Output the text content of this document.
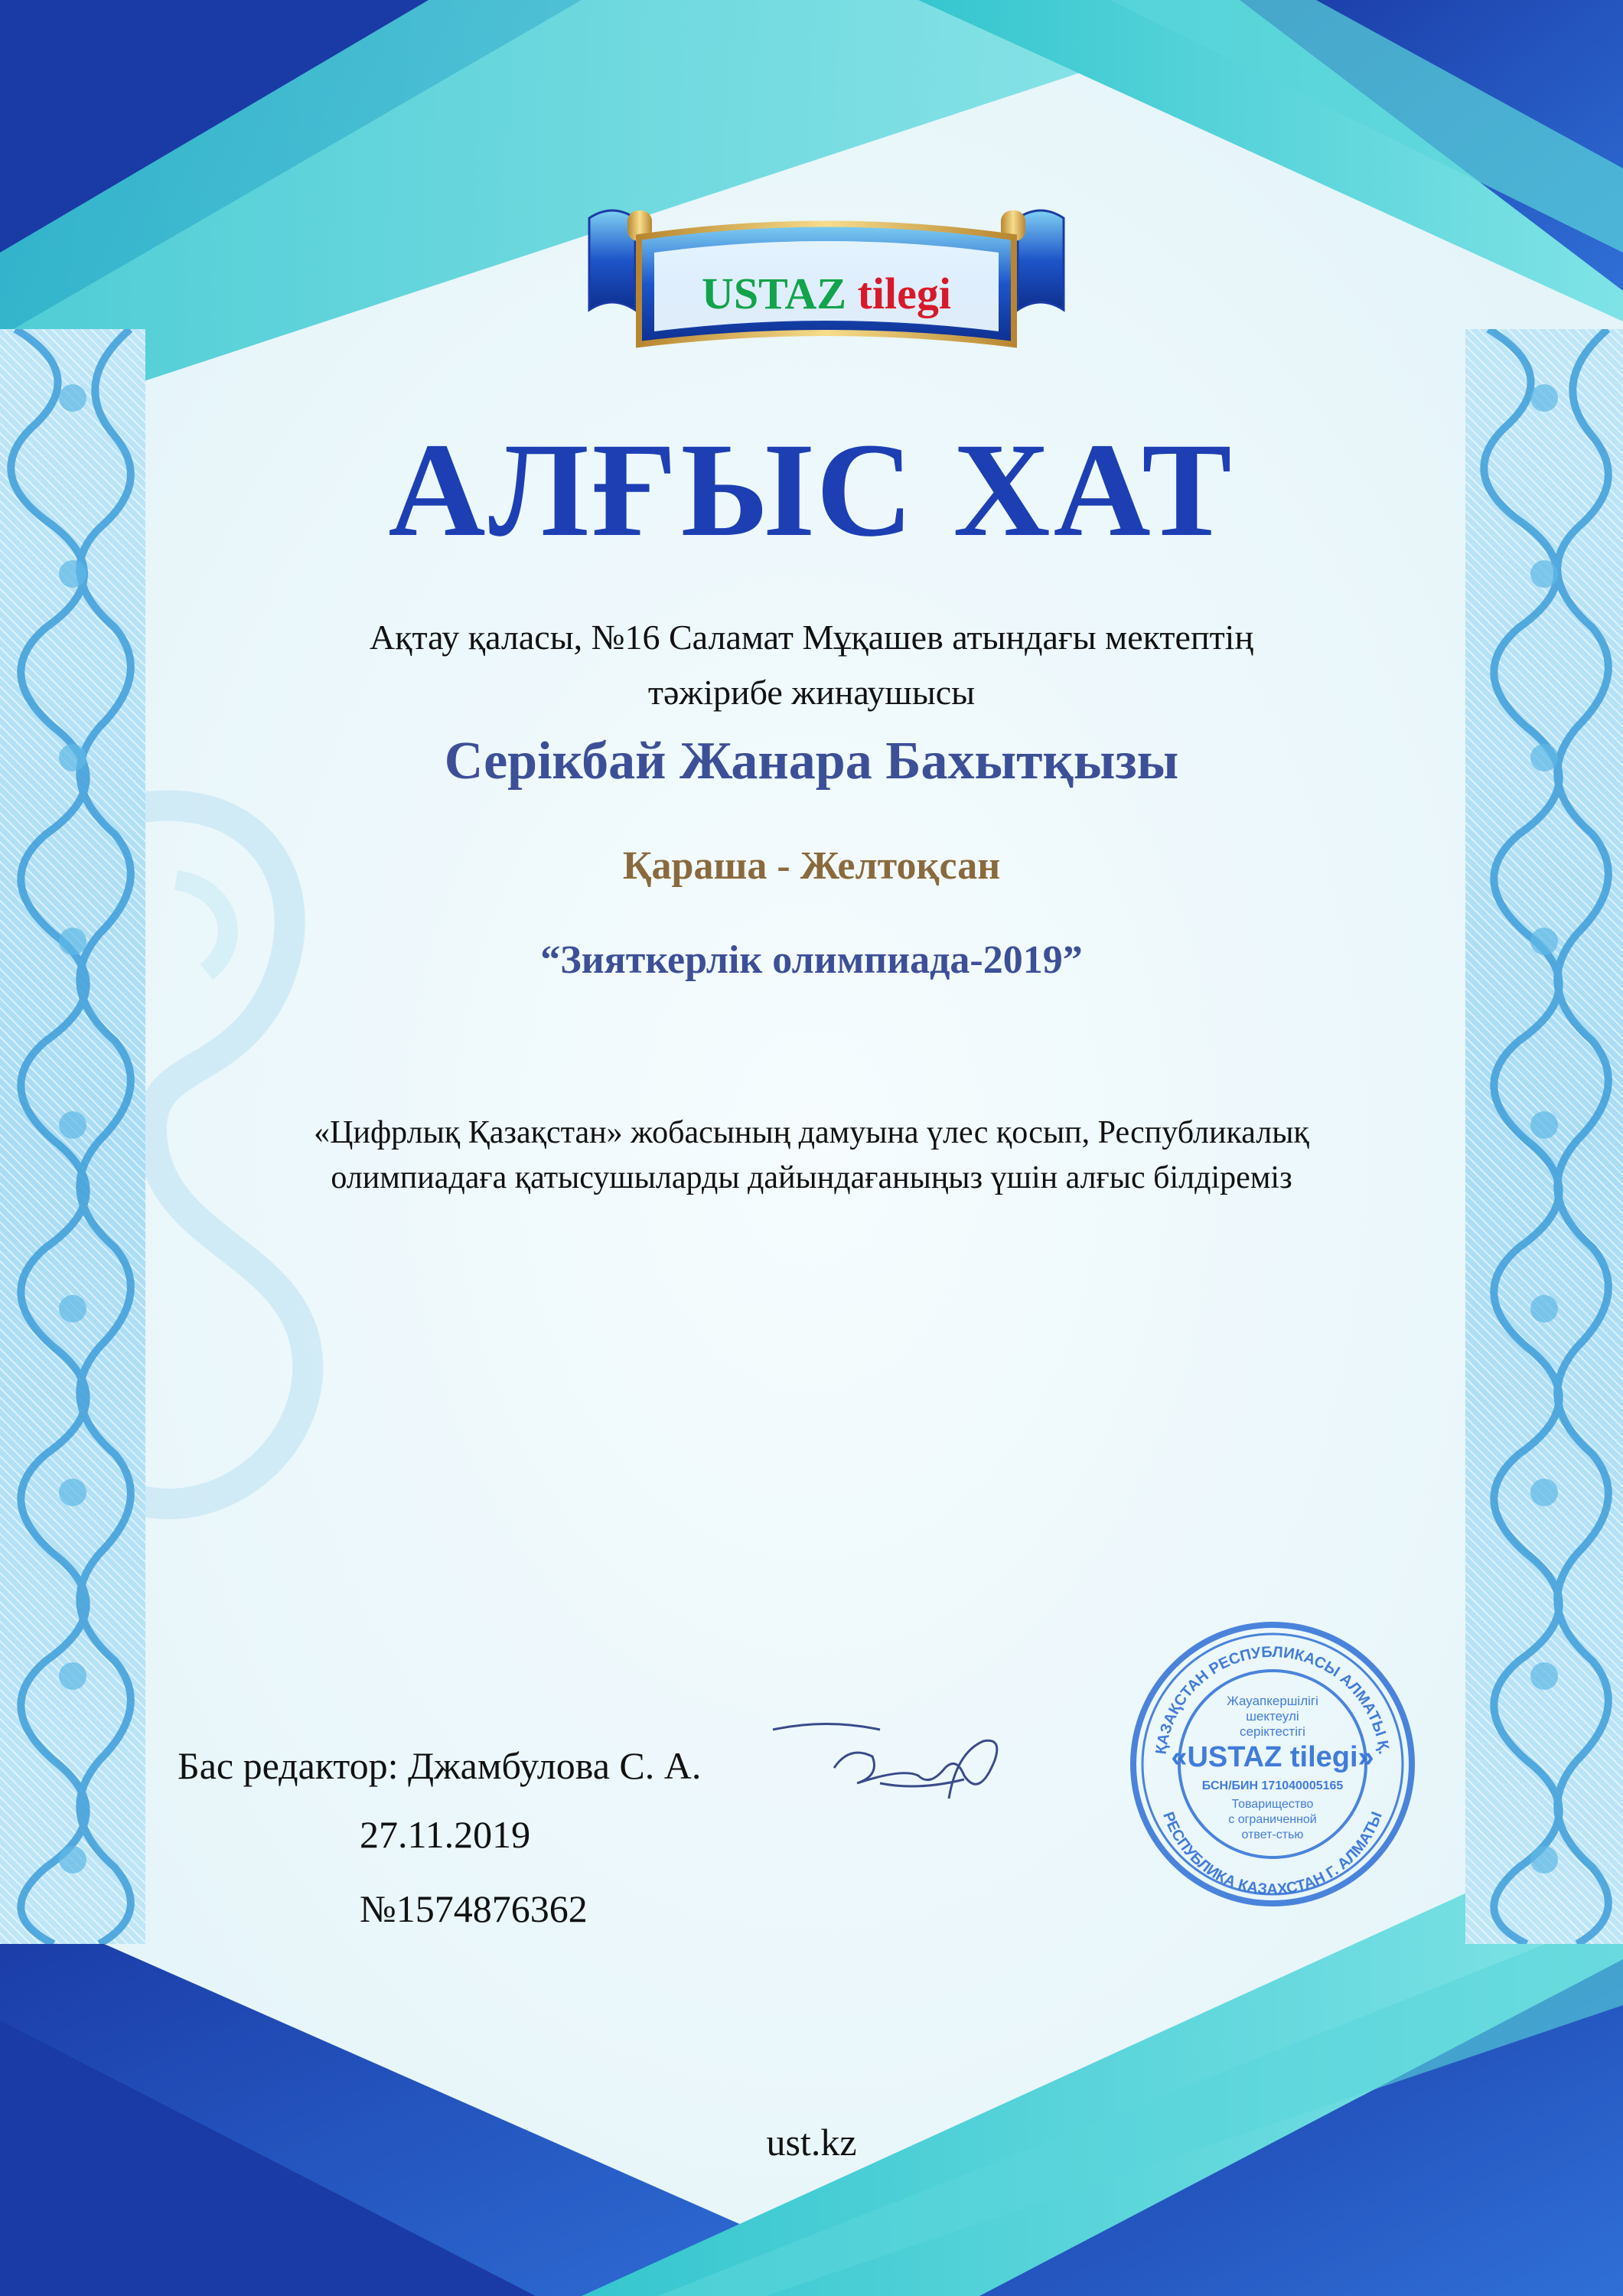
USTAZ tilegi
АЛҒЫС ХАТ
Ақтау қаласы, №16 Саламат Мұқашев атындағы мектептің
тәжірибе жинаушысы
Серікбай Жанара Бахытқызы
Қараша - Желтоқсан
“Зияткерлік олимпиада-2019”
«Цифрлық Қазақстан» жобасының дамуына үлес қосып, Республикалық
олимпиадаға қатысушыларды дайындағаныңыз үшін алғыс білдіреміз
Бас редактор: Джамбулова С. А.
27.11.2019
№1574876362
ҚАЗАҚСТАН РЕСПУБЛИКАСЫ АЛМАТЫ Қ.
РЕСПУБЛИКА КАЗАХСТАН Г. АЛМАТЫ
Жауапкершілігі
шектеулі
серіктестігі
«USTAZ tilegi»
БСН/БИН 171040005165
Товарищество
с ограниченной
ответ-стью
ust.kz
